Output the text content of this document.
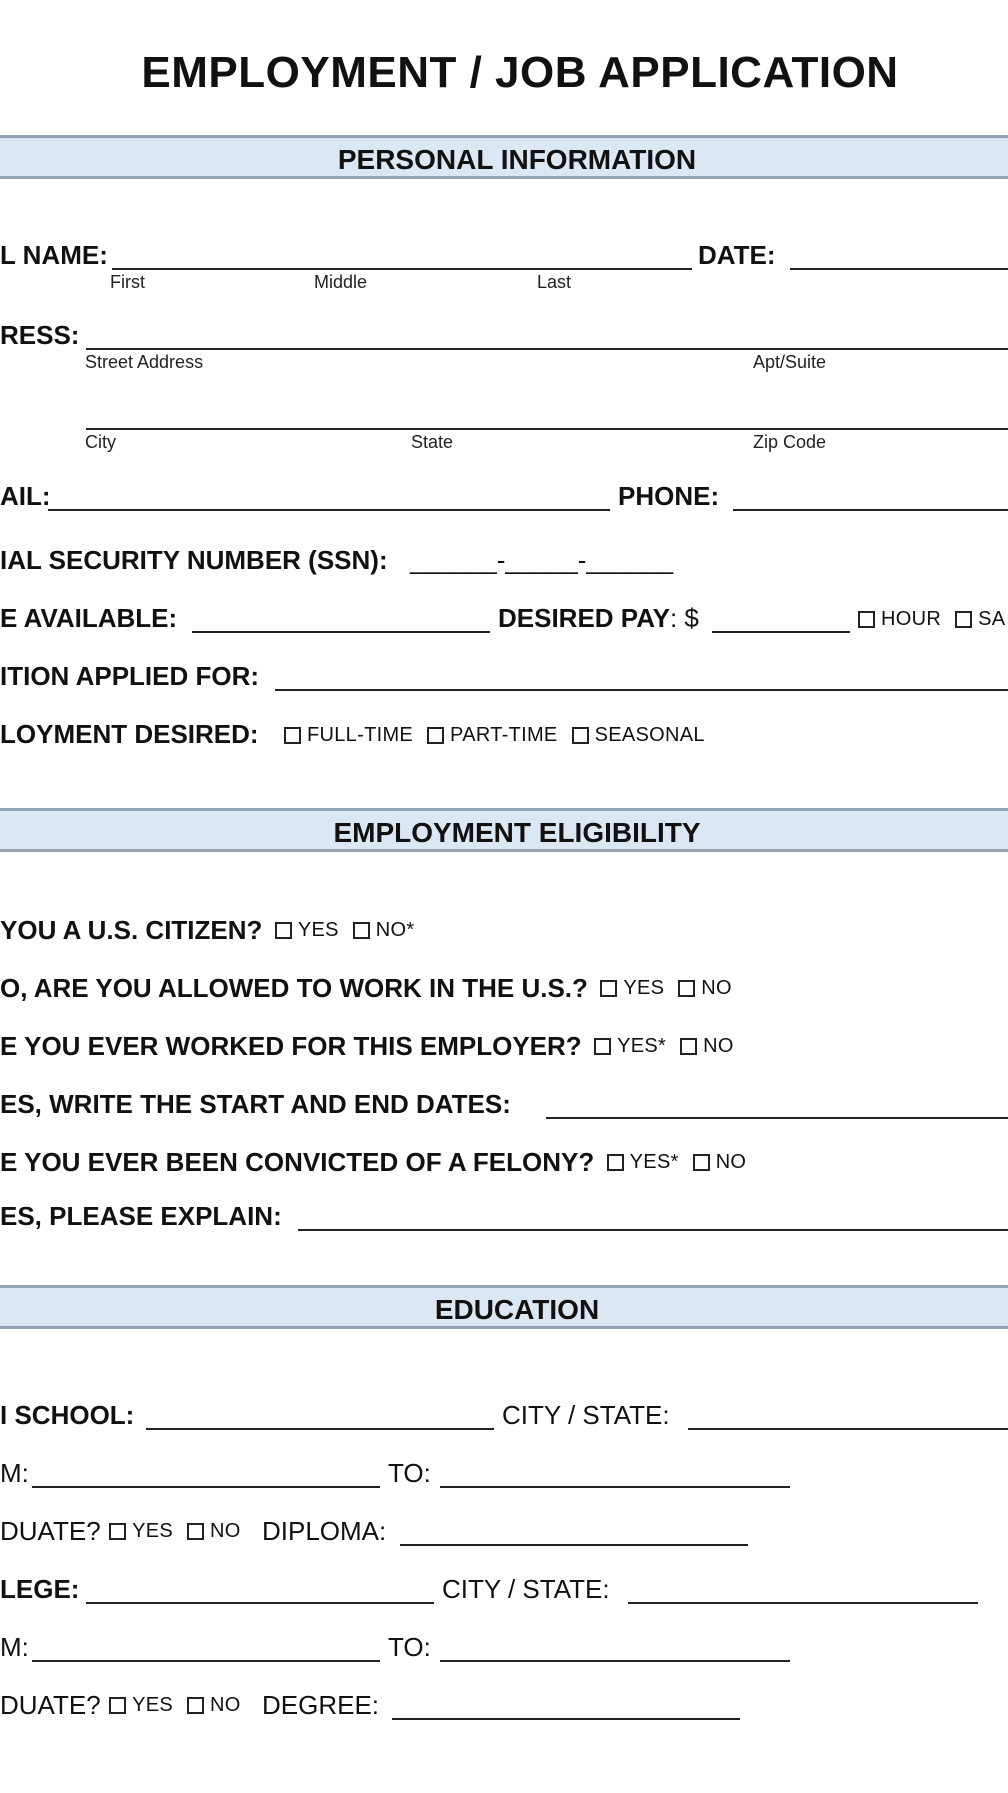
EMPLOYMENT / JOB APPLICATION
PERSONAL INFORMATION
L NAME:
First	Middle	Last
DATE:
RESS:
Street Address	Apt/Suite
City	State	Zip Code
AIL:	PHONE:
IAL SECURITY NUMBER (SSN): ______-_____-______
E AVAILABLE:	DESIRED PAY: $	HOUR SA
ITION APPLIED FOR:
LOYMENT DESIRED: FULL-TIME PART-TIME SEASONAL
EMPLOYMENT ELIGIBILITY
YOU A U.S. CITIZEN? YES NO*
O, ARE YOU ALLOWED TO WORK IN THE U.S.? YES NO
E YOU EVER WORKED FOR THIS EMPLOYER? YES* NO
ES, WRITE THE START AND END DATES:
E YOU EVER BEEN CONVICTED OF A FELONY? YES* NO
ES, PLEASE EXPLAIN:
EDUCATION
I SCHOOL:	CITY / STATE:
M:	TO:
DUATE? YES NO DIPLOMA:
LEGE:	CITY / STATE:
M:	TO:
DUATE? YES NO DEGREE:
